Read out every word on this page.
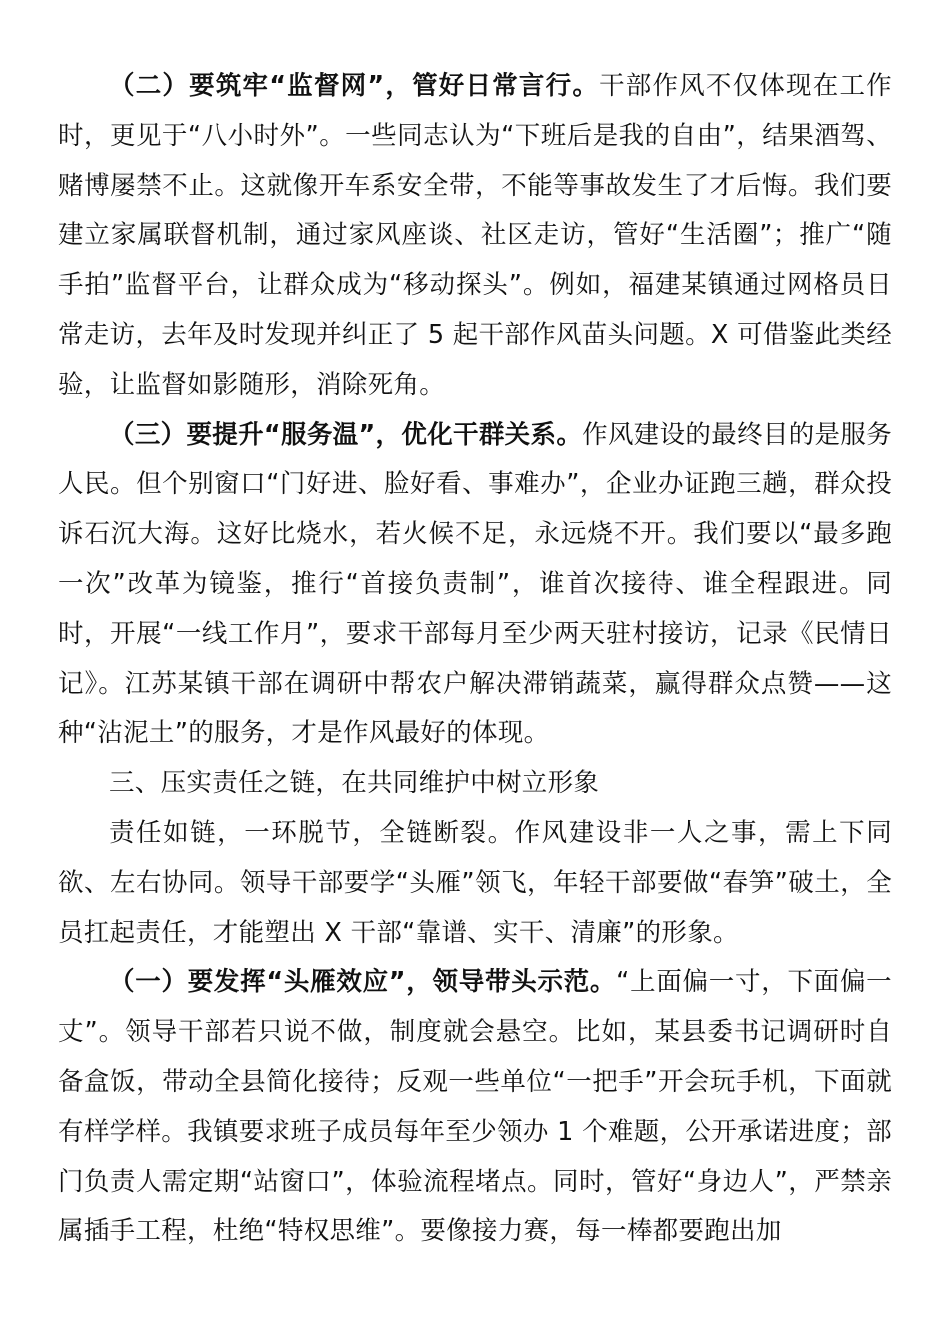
（二）要筑牢“监督网”，管好日常言行。干部作风不仅体现在工作时，更见于“八小时外”。一些同志认为“下班后是我的自由”，结果酒驾、赌博屡禁不止。这就像开车系安全带，不能等事故发生了才后悔。我们要建立家属联督机制，通过家风座谈、社区走访，管好“生活圈”；推广“随手拍”监督平台，让群众成为“移动探头”。例如，福建某镇通过网格员日常走访，去年及时发现并纠正了 5 起干部作风苗头问题。X 可借鉴此类经验，让监督如影随形，消除死角。

（三）要提升“服务温”，优化干群关系。作风建设的最终目的是服务人民。但个别窗口“门好进、脸好看、事难办”，企业办证跑三趟，群众投诉石沉大海。这好比烧水，若火候不足，永远烧不开。我们要以“最多跑一次”改革为镜鉴，推行“首接负责制”，谁首次接待、谁全程跟进。同时，开展“一线工作月”，要求干部每月至少两天驻村接访，记录《民情日记》。江苏某镇干部在调研中帮农户解决滞销蔬菜，赢得群众点赞——这种“沾泥土”的服务，才是作风最好的体现。

三、压实责任之链，在共同维护中树立形象

责任如链，一环脱节，全链断裂。作风建设非一人之事，需上下同欲、左右协同。领导干部要学“头雁”领飞，年轻干部要做“春笋”破土，全员扛起责任，才能塑出 X 干部“靠谱、实干、清廉”的形象。

（一）要发挥“头雁效应”，领导带头示范。“上面偏一寸，下面偏一丈”。领导干部若只说不做，制度就会悬空。比如，某县委书记调研时自备盒饭，带动全县简化接待；反观一些单位“一把手”开会玩手机，下面就有样学样。我镇要求班子成员每年至少领办 1 个难题，公开承诺进度；部门负责人需定期“站窗口”，体验流程堵点。同时，管好“身边人”，严禁亲属插手工程，杜绝“特权思维”。要像接力赛，每一棒都要跑出加
